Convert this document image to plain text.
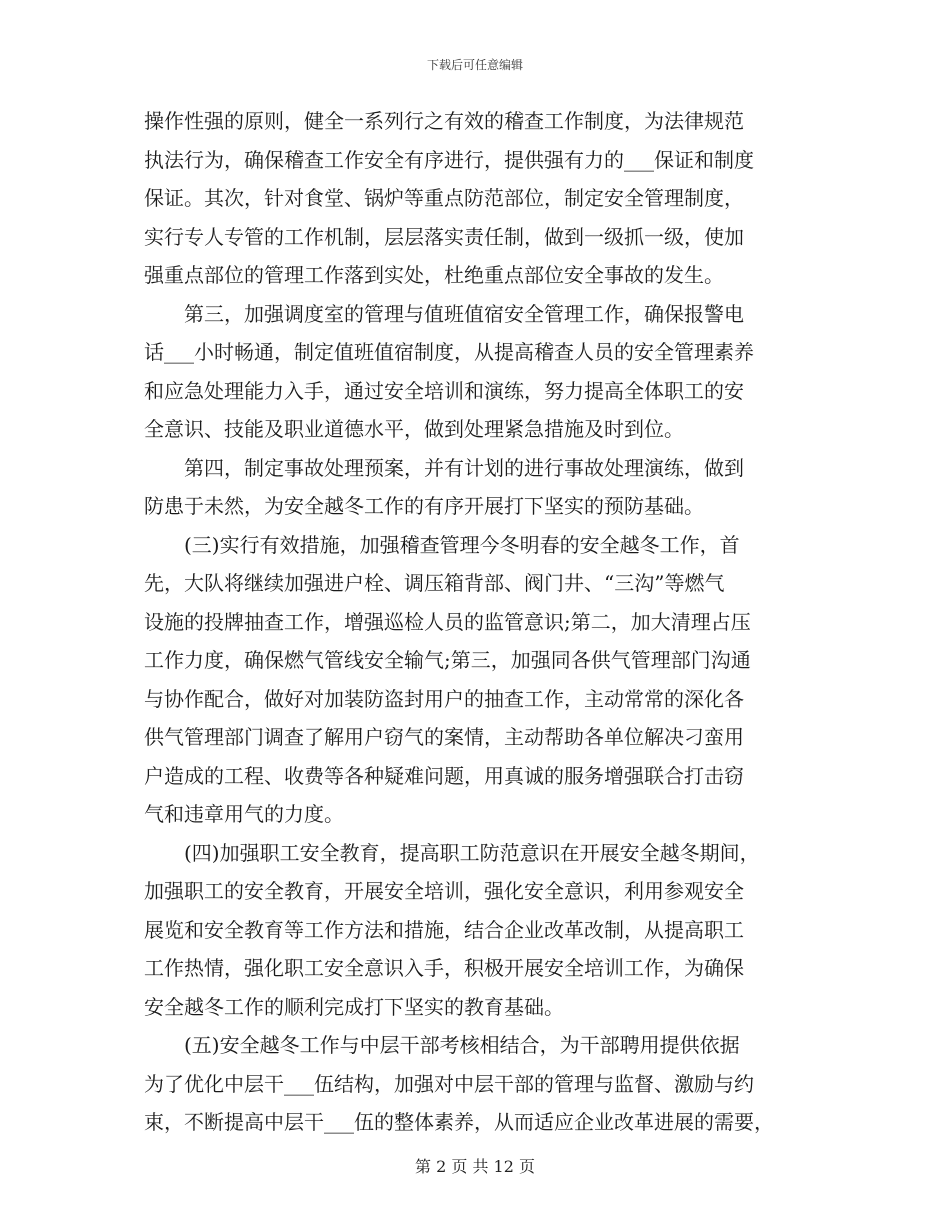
下载后可任意编辑
操作性强的原则，健全一系列行之有效的稽查工作制度，为法律规范
执法行为，确保稽查工作安全有序进行，提供强有力的___保证和制度
保证。其次，针对食堂、锅炉等重点防范部位，制定安全管理制度，
实行专人专管的工作机制，层层落实责任制，做到一级抓一级，使加
强重点部位的管理工作落到实处，杜绝重点部位安全事故的发生。
　　第三，加强调度室的管理与值班值宿安全管理工作，确保报警电
话___小时畅通，制定值班值宿制度，从提高稽查人员的安全管理素养
和应急处理能力入手，通过安全培训和演练，努力提高全体职工的安
全意识、技能及职业道德水平，做到处理紧急措施及时到位。
　　第四，制定事故处理预案，并有计划的进行事故处理演练，做到
防患于未然，为安全越冬工作的有序开展打下坚实的预防基础。
　　(三)实行有效措施，加强稽查管理今冬明春的安全越冬工作，首
先，大队将继续加强进户栓、调压箱背部、阀门井、“三沟”等燃气
设施的投牌抽查工作，增强巡检人员的监管意识;第二，加大清理占压
工作力度，确保燃气管线安全输气;第三，加强同各供气管理部门沟通
与协作配合，做好对加装防盗封用户的抽查工作，主动常常的深化各
供气管理部门调查了解用户窃气的案情，主动帮助各单位解决刁蛮用
户造成的工程、收费等各种疑难问题，用真诚的服务增强联合打击窃
气和违章用气的力度。
　　(四)加强职工安全教育，提高职工防范意识在开展安全越冬期间，
加强职工的安全教育，开展安全培训，强化安全意识，利用参观安全
展览和安全教育等工作方法和措施，结合企业改革改制，从提高职工
工作热情，强化职工安全意识入手，积极开展安全培训工作，为确保
安全越冬工作的顺利完成打下坚实的教育基础。
　　(五)安全越冬工作与中层干部考核相结合，为干部聘用提供依据
为了优化中层干___伍结构，加强对中层干部的管理与监督、激励与约
束，不断提高中层干___伍的整体素养，从而适应企业改革进展的需要，
第 2 页 共 12 页
